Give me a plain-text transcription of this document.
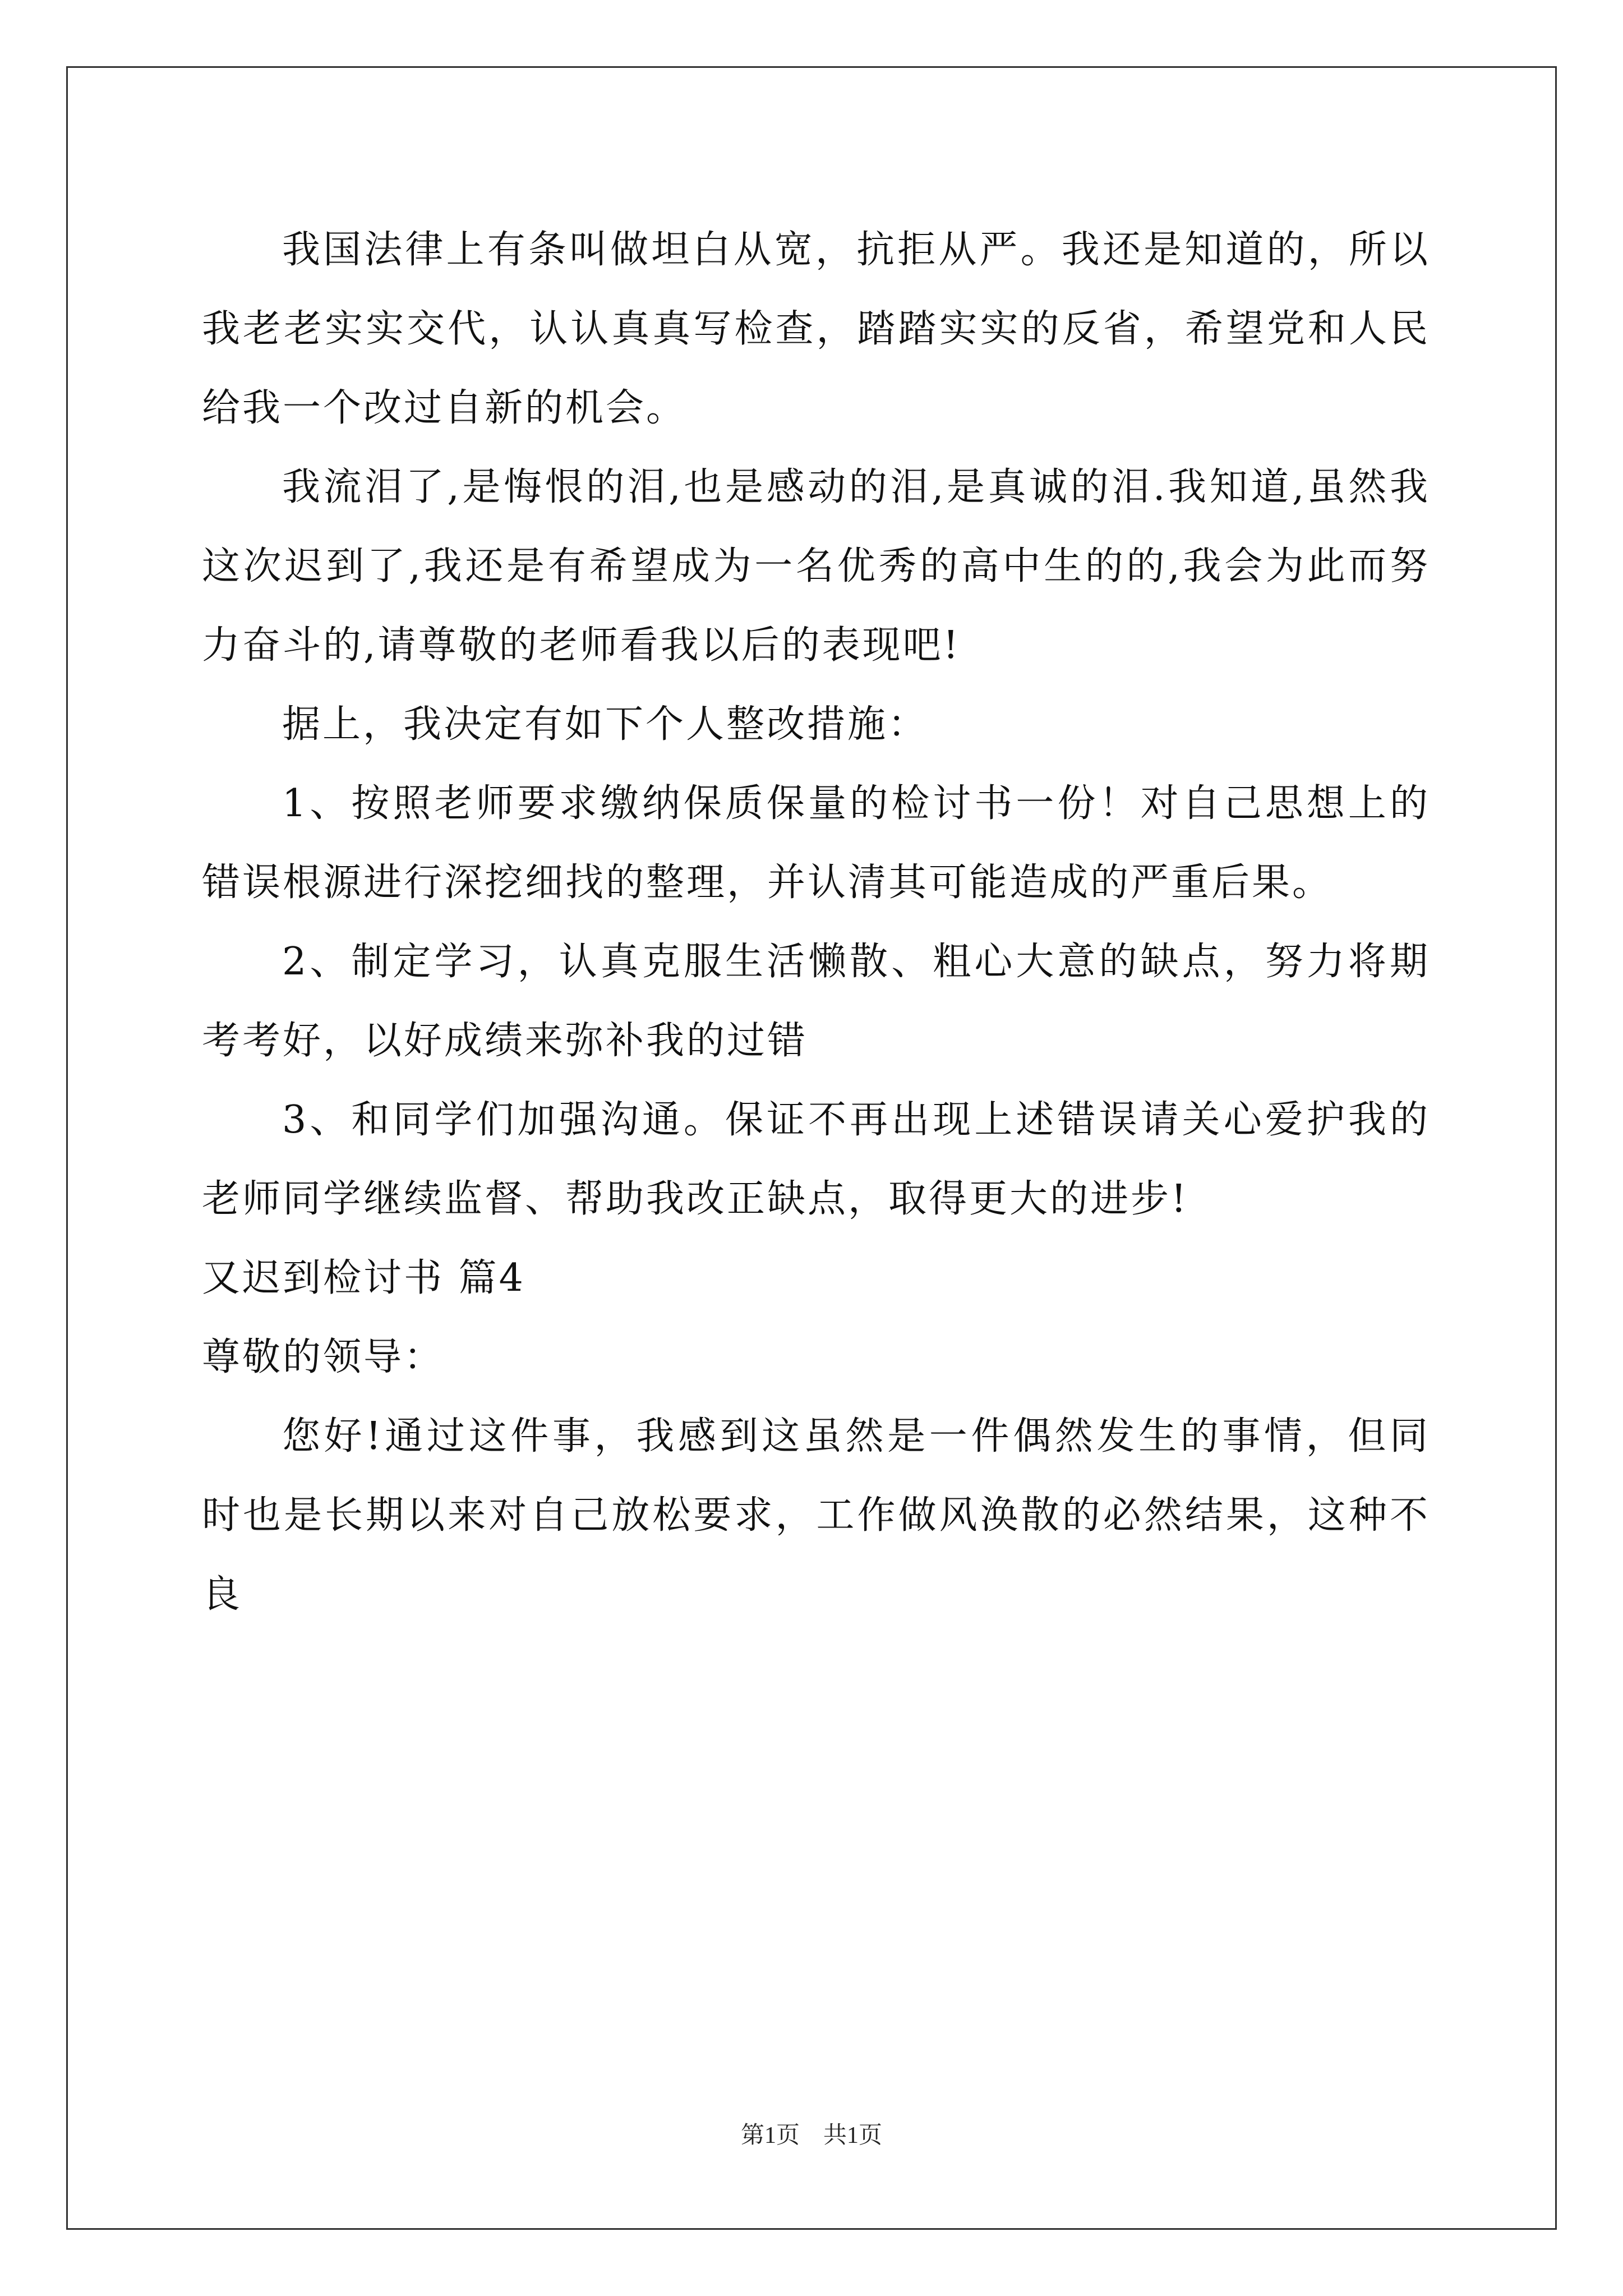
我国法律上有条叫做坦白从宽，抗拒从严。我还是知道的，所以我老老实实交代，认认真真写检查，踏踏实实的反省，希望党和人民给我一个改过自新的机会。

我流泪了,是悔恨的泪,也是感动的泪,是真诚的泪.我知道,虽然我这次迟到了,我还是有希望成为一名优秀的高中生的的,我会为此而努力奋斗的,请尊敬的老师看我以后的表现吧!

据上，我决定有如下个人整改措施：

1、按照老师要求缴纳保质保量的检讨书一份！对自己思想上的错误根源进行深挖细找的整理，并认清其可能造成的严重后果。

2、制定学习，认真克服生活懒散、粗心大意的缺点，努力将期考考好，以好成绩来弥补我的过错

3、和同学们加强沟通。保证不再出现上述错误请关心爱护我的老师同学继续监督、帮助我改正缺点，取得更大的进步!

又迟到检讨书 篇4

尊敬的领导：

您好!通过这件事，我感到这虽然是一件偶然发生的事情，但同时也是长期以来对自己放松要求，工作做风涣散的必然结果，这种不良

第1页　共1页
